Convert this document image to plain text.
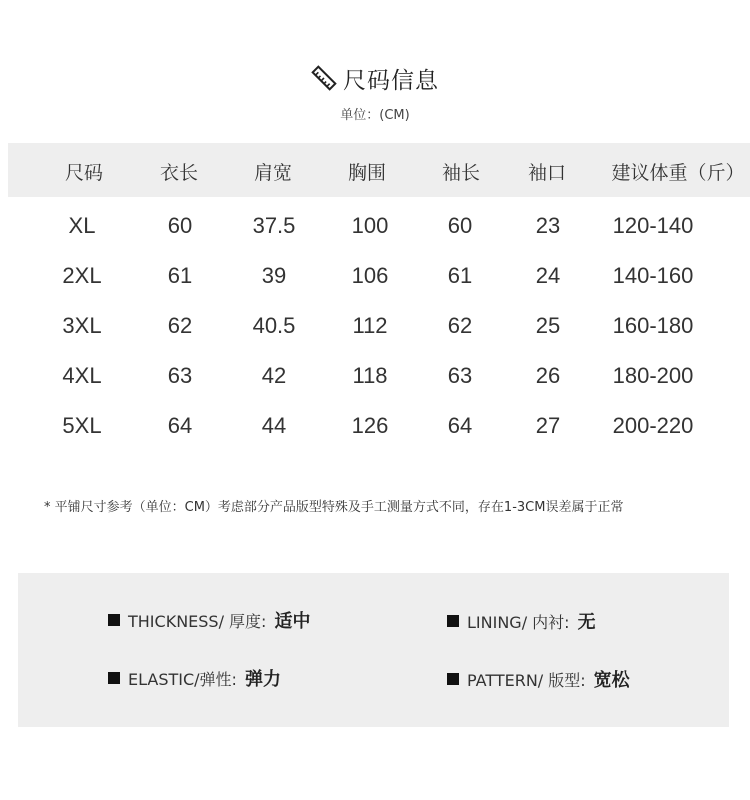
尺码信息
单位：(CM)
尺码	衣长	肩宽	胸围	袖长	袖口 建议体重（斤）
XL	60	37.5	100	60	23 120-140
2XL	61	39	106	61	24 140-160
3XL	62	40.5	112	62	25 160-180
4XL	63	42	118	63	26 180-200
5XL	64	44	126	64	27 200-220
* 平铺尺寸参考（单位：CM）考虑部分产品版型特殊及手工测量方式不同，存在1-3CM误差属于正常
THICKNESS/ 厚度: 适中	LINING/ 内衬: 无
ELASTIC/弹性: 弹力	PATTERN/ 版型: 宽松
